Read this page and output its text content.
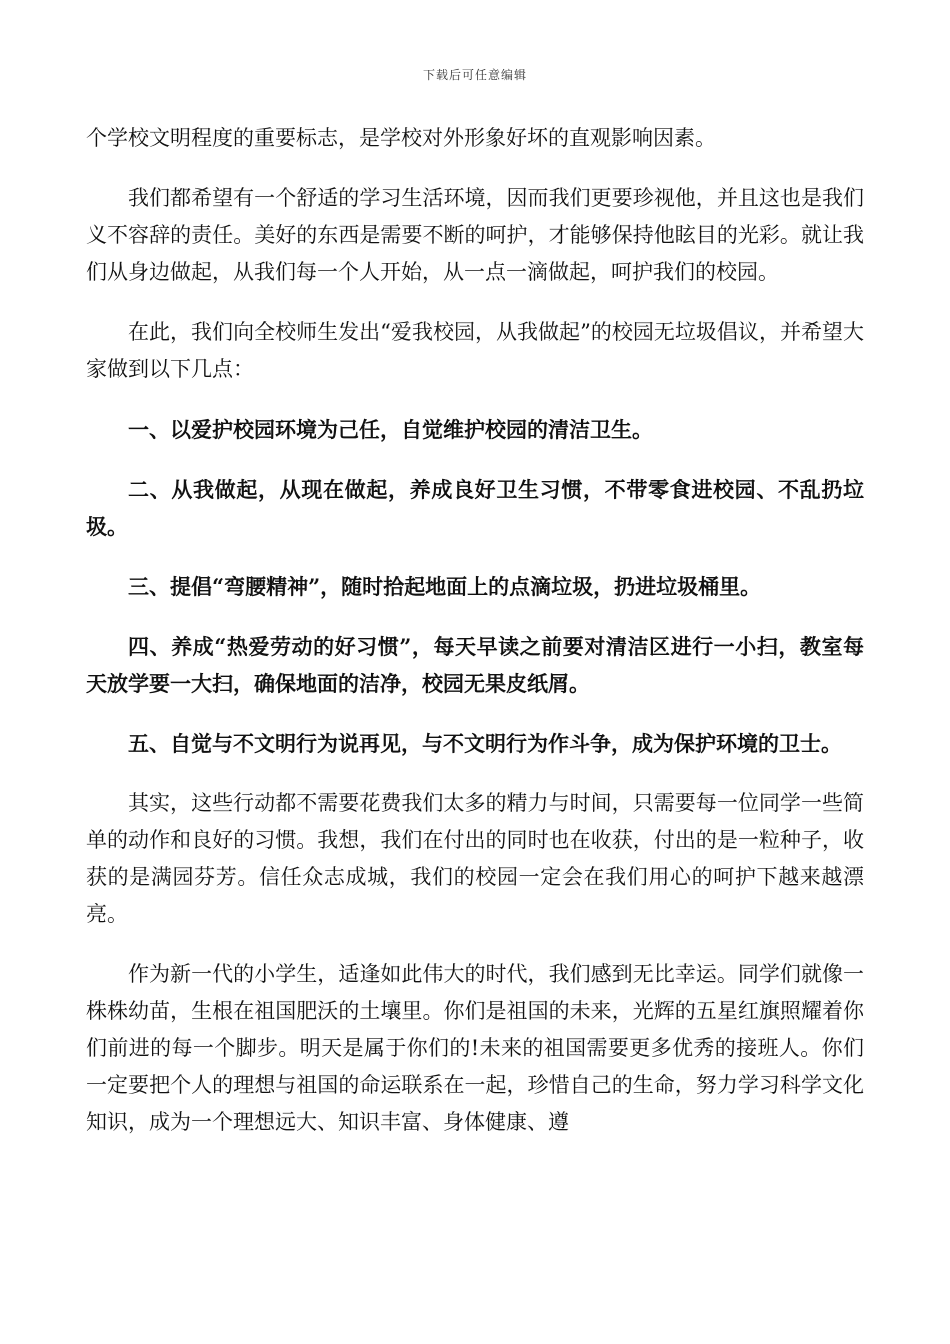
下载后可任意编辑

个学校文明程度的重要标志，是学校对外形象好坏的直观影响因素。

我们都希望有一个舒适的学习生活环境，因而我们更要珍视他，并且这也是我们义不容辞的责任。美好的东西是需要不断的呵护，才能够保持他眩目的光彩。就让我们从身边做起，从我们每一个人开始，从一点一滴做起，呵护我们的校园。

在此，我们向全校师生发出“爱我校园，从我做起”的校园无垃圾倡议，并希望大家做到以下几点：

一、以爱护校园环境为己任，自觉维护校园的清洁卫生。

二、从我做起，从现在做起，养成良好卫生习惯，不带零食进校园、不乱扔垃圾。

三、提倡“弯腰精神”，随时拾起地面上的点滴垃圾，扔进垃圾桶里。

四、养成“热爱劳动的好习惯”，每天早读之前要对清洁区进行一小扫，教室每天放学要一大扫，确保地面的洁净，校园无果皮纸屑。

五、自觉与不文明行为说再见，与不文明行为作斗争，成为保护环境的卫士。

其实，这些行动都不需要花费我们太多的精力与时间，只需要每一位同学一些简单的动作和良好的习惯。我想，我们在付出的同时也在收获，付出的是一粒种子，收获的是满园芬芳。信任众志成城，我们的校园一定会在我们用心的呵护下越来越漂亮。

作为新一代的小学生，适逢如此伟大的时代，我们感到无比幸运。同学们就像一株株幼苗，生根在祖国肥沃的土壤里。你们是祖国的未来，光辉的五星红旗照耀着你们前进的每一个脚步。明天是属于你们的!未来的祖国需要更多优秀的接班人。你们一定要把个人的理想与祖国的命运联系在一起，珍惜自己的生命，努力学习科学文化知识，成为一个理想远大、知识丰富、身体健康、遵
